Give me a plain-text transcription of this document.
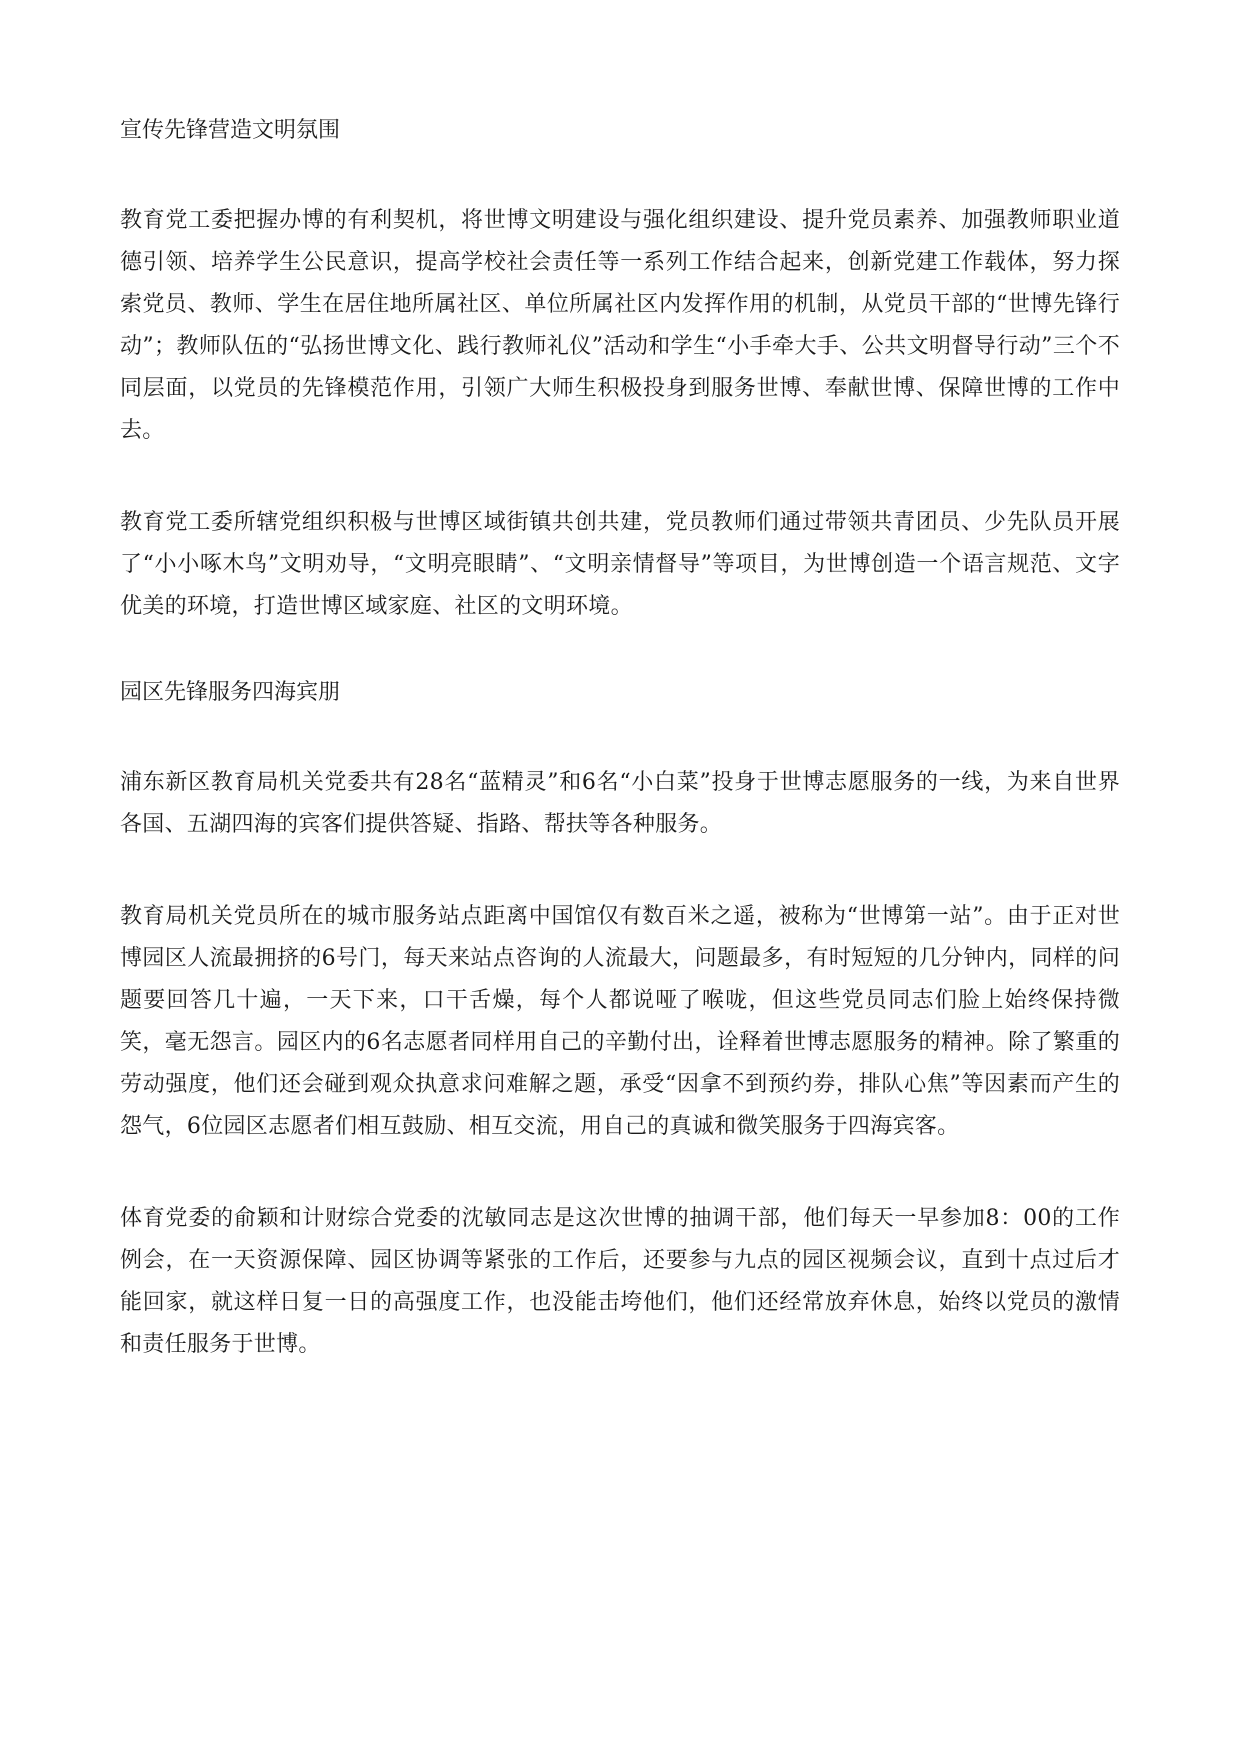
宣传先锋营造文明氛围

教育党工委把握办博的有利契机，将世博文明建设与强化组织建设、提升党员素养、加强教师职业道德引领、培养学生公民意识，提高学校社会责任等一系列工作结合起来，创新党建工作载体，努力探索党员、教师、学生在居住地所属社区、单位所属社区内发挥作用的机制，从党员干部的“世博先锋行动”；教师队伍的“弘扬世博文化、践行教师礼仪”活动和学生“小手牵大手、公共文明督导行动”三个不同层面，以党员的先锋模范作用，引领广大师生积极投身到服务世博、奉献世博、保障世博的工作中去。

教育党工委所辖党组织积极与世博区域街镇共创共建，党员教师们通过带领共青团员、少先队员开展了“小小啄木鸟”文明劝导，“文明亮眼睛”、“文明亲情督导”等项目，为世博创造一个语言规范、文字优美的环境，打造世博区域家庭、社区的文明环境。

园区先锋服务四海宾朋

浦东新区教育局机关党委共有28名“蓝精灵”和6名“小白菜”投身于世博志愿服务的一线，为来自世界各国、五湖四海的宾客们提供答疑、指路、帮扶等各种服务。

教育局机关党员所在的城市服务站点距离中国馆仅有数百米之遥，被称为“世博第一站”。由于正对世博园区人流最拥挤的6号门，每天来站点咨询的人流最大，问题最多，有时短短的几分钟内，同样的问题要回答几十遍，一天下来，口干舌燥，每个人都说哑了喉咙，但这些党员同志们脸上始终保持微笑，毫无怨言。园区内的6名志愿者同样用自己的辛勤付出，诠释着世博志愿服务的精神。除了繁重的劳动强度，他们还会碰到观众执意求问难解之题，承受“因拿不到预约券，排队心焦”等因素而产生的怨气，6位园区志愿者们相互鼓励、相互交流，用自己的真诚和微笑服务于四海宾客。

体育党委的俞颖和计财综合党委的沈敏同志是这次世博的抽调干部，他们每天一早参加8：00的工作例会，在一天资源保障、园区协调等紧张的工作后，还要参与九点的园区视频会议，直到十点过后才能回家，就这样日复一日的高强度工作，也没能击垮他们，他们还经常放弃休息，始终以党员的激情和责任服务于世博。
